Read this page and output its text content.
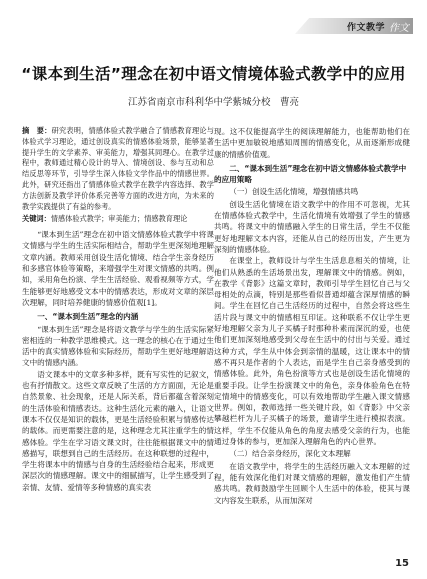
作文教学 作文
“课本到生活”理念在初中语文情境体验式教学中的应用
江苏省南京市科利华中学紫城分校　曹亮

摘　要：研究表明，情感体验式教学融合了情感教育理论与体验式学习理论，通过创设真实的情感体验场景，能够显著提升学生的文学素养、审美能力，增强其同理心。在教学过程中，教师通过精心设计的导入、情境创设、参与互动和总结反思等环节，引导学生深入体验文学作品中的情感世界。此外，研究还指出了情感体验式教学在教学内容选择、教学方法创新及教学评价体系完善等方面的改进方向，为未来的教学实践提供了有益的参考。

关键词：情感体验式教学；审美能力；情感教育理论

“课本到生活”理念在初中语文情感体验式教学中将课文情感与学生的生活实际相结合，帮助学生更深刻地理解文章内涵。教师采用创设生活化情境、结合学生亲身经历和多感官体验等策略，来增强学生对课文情感的共鸣。例如，采用角色扮演、学生生活经验、观看视频等方式，学生能够更好地感受文本中的情感表达，形成对文章的深层次理解，同时培养健康的情感价值观[1]。

一、“课本到生活”理念的内涵

“课本到生活”理念是将语文教学与学生的生活实际紧密相连的一种教学思维模式。这一理念的核心在于通过生活中的真实情感体验和实际经历，帮助学生更好地理解语文中的情感内涵。

语文课本中的文章多种多样，既有写实性的记叙文，也有抒情散文。这些文章反映了生活的方方面面，无论是自然景象、社会现象，还是人际关系，背后都蕴含着深刻的生活体验和情感表达。这种生活化元素的融入，让语文课本不仅仅是知识的载体，更是生活经验积累与情感传达的载体。而更需要注意的是，这种理念尤其注重学生的情感体验。学生在学习语文课文时，往往能根据课文中的情感描写，联想到自己的生活经历。在这种联想的过程中，学生将课本中的情感与自身的生活经验结合起来，形成更深层次的情感理解。课文中的细腻描写，让学生感受到了亲情、友情、爱情等多种情感的真实表

现。这不仅能提高学生的阅读理解能力，也能帮助他们在生活中更加敏锐地感知周围的情感变化，从而逐渐形成健康的情感价值观。

二、“课本到生活”理念在初中语文情感体验式教学中的应用策略

（一）创设生活化情境，增强情感共鸣

创设生活化情境在语文教学中的作用不可忽视，尤其在情感体验式教学中，生活化情境有效增强了学生的情感共鸣。将课文中的情感融入学生的日常生活，学生不仅能更好地理解文本内容，还能从自己的经历出发，产生更为深刻的情感体验。

在课堂上，教师设计与学生生活息息相关的情境，让他们从熟悉的生活场景出发，理解课文中的情感。例如，在教学《背影》这篇文章时，教师引导学生回忆自己与父母相处的点滴，特别是那些看似普通却蕴含深厚情感的瞬间。学生在回忆自己生活经历的过程中，自然会将这些生活片段与课文中的情感相互印证。这种联系不仅让学生更好地理解父亲为儿子买橘子时那种朴素而深沉的爱，也使他们更加深刻地感受到父母在生活中的付出与关爱。通过这种方式，学生从中体会到亲情的温暖，这让课本中的情感不再只是作者的个人表达，而是学生自己亲身感受到的情感体验。此外，角色扮演等方式也是创设生活化情境的重要手段。让学生扮演课文中的角色，亲身体验角色在特定情境中的情感变化，可以有效地帮助学生融入课文情感世界。例如，教师选择一些关键片段，如《背影》中父亲攀越栏杆为儿子买橘子的场景，邀请学生进行模拟表演。这样，学生不仅能从角色的角度去感受父亲的行为，也能通过身体的参与，更加深入理解角色的内心世界。

（二）结合亲身经历，深化文本理解

在语文教学中，将学生的生活经历融入文本理解的过程，能有效深化他们对课文情感的理解，激发他们产生情感共鸣。教师鼓励学生回顾个人生活中的体验，使其与课文内容发生联系，从而加深对

15
